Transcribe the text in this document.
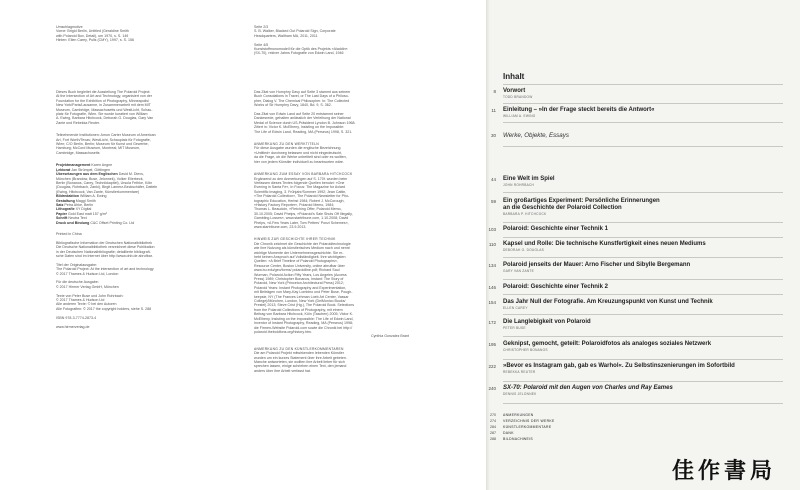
Umschlagmotive
Vorne: Brigid Berlin, Untitled (Geraldine Smith
with Polaroid Box, Detail), um 1970, s. S. 149
Hinten: Ellen Carey, Pulls (CMY), 1997, s. S. 156
Seite 2/3
S. B. Walker, Blacked Out Polaroid Sign, Corporate
Headquarters, Waltham MA, 2011, 2011

Seite 4/5
Kunststoffmonomodell für die Optik des Projekts »Aladdin«
(SX-70), rekiver Jahns Fotografie von Edwin Land, 1946
Dieses Buch begleitet die Ausstellung The Polaroid Project:
At the Intersection of Art and Technology, organisiert von der
Foundation for the Exhibition of Photography, Minneapolis/
New York/Paris/Lausanne, in Zusammenarbeit mit dem MIT
Museum, Cambridge, Massachusetts und WestLicht, Schau-
platz für Fotografie, Wien. Sie wurde kuratiert von William
A. Ewing, Barbara Hitchcock, Deborah G. Douglas, Gary Van
Zante und Rebekka Reuter.
Teilnehmende Institutionen: Amon Carter Museum of American
Art, Fort Worth/Texas; WestLicht, Schauplatz für Fotografie,
Wien; C/O Berlin, Berlin; Museum für Kunst und Gewerbe,
Hamburg; McCord Museum, Montreal; MIT Museum,
Cambridge, Massachusetts
Projektmanagement Karen Angne
Lektorat Jan Strümpel, Göttingen
Übersetzungen aus dem Englischen David M. Dievs,
München (Brandow, Buse, Jelonnek), Volker Ellerbeck,
Berlin (Bonanos, Carey, Technikkapitel), Ursula Fethke, Köln
(Douglas, Rohrbach, Zanki), Birgit Lamerz-Beckschäfer, Datteln
(Ewing, Hitchcock, Van Zante, Künstlerkommentare)
Bildredaktion William A. Ewing
Gestaltung Maggi Smith
Satz Petra Ahke, Berlin
Lithografie XY Digital
Papier Gold East matt 157 g/m²
Schrift Neutra Text
Druck und Bindung C&C Offset Printing Co. Ltd
Printed in China

Bibliografische Information der Deutschen Nationalbibliothek
Die Deutsche Nationalbibliothek verzeichnet diese Publikation
in der Deutschen Nationalbibliografie; detaillierte bibliografi-
sche Daten sind im Internet über http://www.dnb.de abrufbar.

Titel der Originalausgabe:
The Polaroid Project: At the intersection of art and technology
© 2017 Thames & Hudson Ltd, London

Für die deutsche Ausgabe:
© 2017 Hirmer Verlag GmbH, München

Texte von Peter Buse und John Rohrbach:
© 2017 Thames & Hudson Ltd
Alle anderen Texte: © bei den Autoren
Alle Fotografien: © 2017 the copyright holders, siehe S. 288

ISBN 978-3-7774-2873-4

www.hirmerverlag.de
Das Zitat von Humphry Davy auf Seite 3 stammt aus seinem
Buch Consolations in Travel, or The Last Days of a Philoso-
pher, Dialog V. The Chemical Philosopher. In: The Collected
Works of Sir Humphry Davy, 1840, Bd. 9, S. 362.

Das Zitat von Edwin Land auf Seite 20 entstammt seiner
Dankesrede, gehalten anlässlich der Verleihung der National
Medal of Science durch US-Präsident Lyndon B. Johnson 1968.
Zitiert in: Victor K. McElheny, Insisting on the Impossible:
The Life of Edwin Land, Reading, MA (Perseus) 1998, S. 321.
ANMERKUNG ZU DEN WERKTITELN
Für diese Ausgabe wurden die englische Bezeichnung
»Untitled« durchweg belassen und nicht eingedeutscht,
da die Frage, ob die Werke unbetitelt sind oder es wollten,
hier von jedem Künstler individuell zu beantworten wäre.
ANMERKUNG ZUM ESSAY VON BARBARA HITCHCOCK
Ergänzend zu den Anmerkungen auf S. 170f. wurden beim
Verfassen dieses Textes folgende Quellen benutzt: »One
Evening in Santa Fe«, In Focus: The Magazine for Axlard
Scientific Imaging, 3. Frühjahr/Sommer 1992; Jean Cattin,
»The Polaroid Collection«, The Polaroid Newsletter for Pho-
tographic Education, Herbst 1984; Robert J. McCorough,
»History Factory Reporter«, Polaroid Memo, 1984;
Thomas L. Beaudoin, »Fletching Offer, Polaroid Memo,
30.10.2005; David Phelps, »Polaroid's Sale Shuts Off Illegally,
Gambling Losses«, www.startribune.com, 1.10.2008; David
Phelps, »A Few Years Later, Tom Petters' Ponzi Schemes«,
www.startribune.com, 23.9.2013.
HINWEIS ZUR GESCHICHTE IHRER TECHNIK
Die Chronik zeichnet die Geschichte der Polaroidtechnologie
wie ihre Nutzung als künstlerisches Medium nach und nennt
wichtige Momente der Unternehmensgeschichte. Sie er-
hebt keinen Anspruch auf Vollständigkeit. Ihre wichtigsten
Quellen: »A Brief Timeline of Polaroid Photographs«,
Resource Center, Boston University, online abrufbar über
www.bu.edu/geo/forms/ polaroidline.pdf; Richard Saul
Wurman, Polaroid Action Fifty Years, Los Angeles (Access
Press) 1989; Christopher Bonanos, Instant: The Story of
Polaroid, New York (Princeton Architectural Press) 2012;
Polaroid Years: Instant Photography and Experimentation,
mit Beiträgen von Mary-Kay Lombino und Peter Buse, Pough-
keepsie, NY (The Frances Lehman Loeb Art Center, Vassar
College)/München, London, New York (DelMonico Books/
Prestel) 2013; Steve Crist (Hg.), The Polaroid Book. Selections
from the Polaroid Collections of Photography, mit einem
Beitrag von Barbara Hitchcock, Köln (Taschen) 2005; Victor K.
McElheny, Insisting on the Impossible: The Life of Edwin Land,
Inventor of Instant Photography, Reading, MA (Perseus) 1998;
die Firmen-Website Polaroid.com sowie die Chronik bei http://
polaroid.theboldfons.org/history.htm.
Cynthia Gonzalez Brant
ANMERKUNG ZU DEN KÜNSTLERKOMMENTAREN
Die am Polaroid Projekt mitwirkenden lebenden Künstler
wurden um ein kurzes Statement über ihre Arbeit gebeten.
Manche antworteten, sie wollten ihre Arbeit lieber für sich
sprechen lassen, einige schrieben einen Text, den jemand
anders über ihre Arbeit verfasst hat.
Inhalt
8 Vorwort
TODD BRANDOW
11 Einleitung – »In der Frage steckt bereits die Antwort«
WILLIAM A. EWING
30 Werke, Objekte, Essays
44 Eine Welt im Spiel
JOHN ROHRBACH
59 Ein großartiges Experiment: Persönliche Erinnerungen
an die Geschichte der Polaroid Collection
BARBARA P. HITCHCOCK
103 Polaroid: Geschichte einer Technik 1
110 Kapsel und Rolle: Die technische Kunstfertigkeit eines neuen Mediums
DEBORAH G. DOUGLAS
134 Polaroid jenseits der Mauer: Arno Fischer und Sibylle Bergemann
GARY VAN ZANTE
146 Polaroid: Geschichte einer Technik 2
154 Das Jahr Null der Fotografie. Am Kreuzungspunkt von Kunst und Technik
ELLEN CAREY
172 Die Langlebigkeit von Polaroid
PETER BUSE
195 Geknipst, gemocht, geteilt: Polaroidfotos als analoges soziales Netzwerk
CHRISTOPHER BONANOS
222 »Bevor es Instagram gab, gab es Warhol«. Zu Selbstinszenierungen im Sofortbild
REBEKKA REUTER
240 SX-70: Polaroid mit den Augen von Charles und Ray Eames
DENNIS JELONNEK
270 ANMERKUNGEN
274 VERZEICHNIS DER WERKE
284 KÜNSTLERKOMMENTARE
287 DANK
288 BILDNACHWEIS
佳作書局
